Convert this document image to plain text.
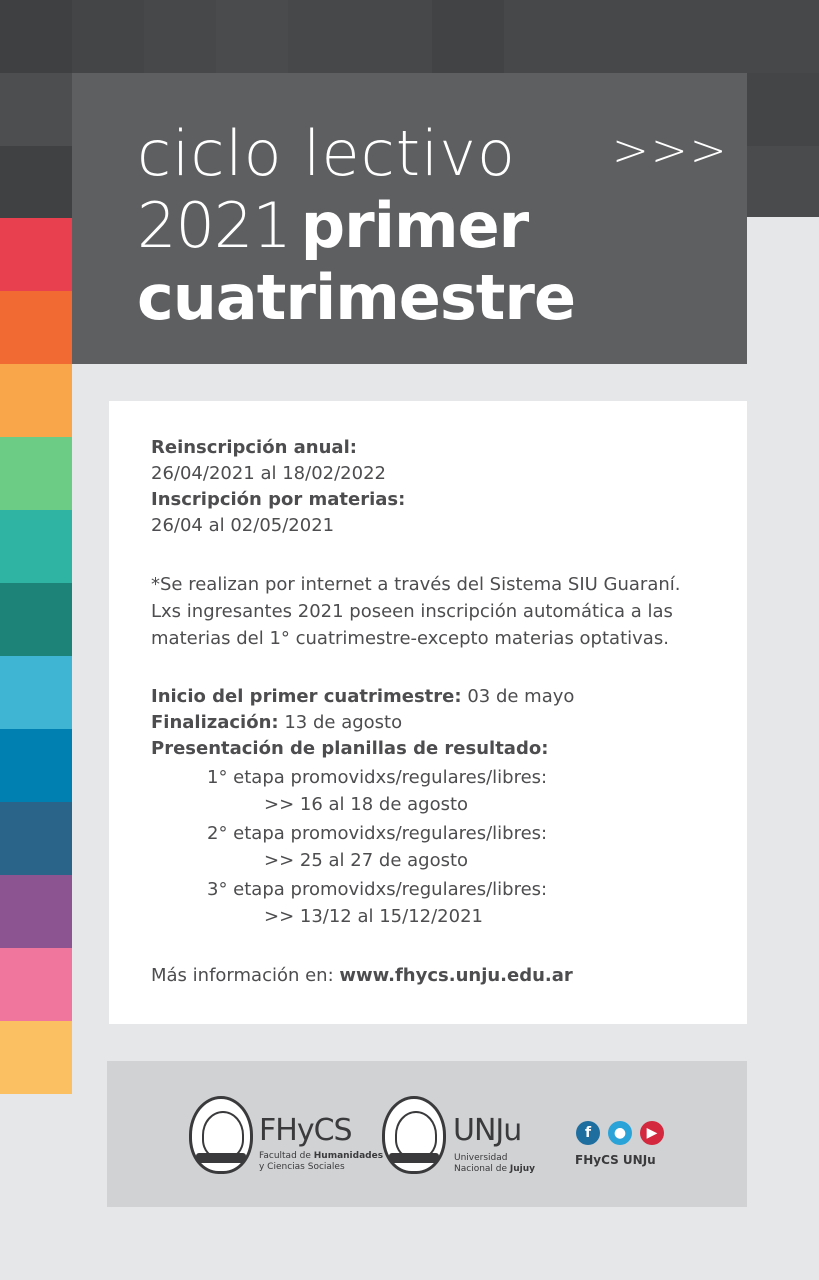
ciclo lectivo
2021 primer
cuatrimestre
>>>

Reinscripción anual:

26/04/2021 al 18/02/2022

Inscripción por materias:

26/04 al 02/05/2021

*Se realizan por internet a través del Sistema SIU Guaraní.

Lxs ingresantes 2021 poseen inscripción automática a las

materias del 1° cuatrimestre-excepto materias optativas.

Inicio del primer cuatrimestre: 03 de mayo

Finalización: 13 de agosto

Presentación de planillas de resultado:

1° etapa promovidxs/regulares/libres:

>> 16 al 18 de agosto

2° etapa promovidxs/regulares/libres:

>> 25 al 27 de agosto

3° etapa promovidxs/regulares/libres:

>> 13/12 al 15/12/2021

Más información en: www.fhycs.unju.edu.ar

FHyCS
Facultad de Humanidades
y Ciencias Sociales
UNJu
Universidad
Nacional de Jujuy
f	●	▶
FHyCS UNJu
